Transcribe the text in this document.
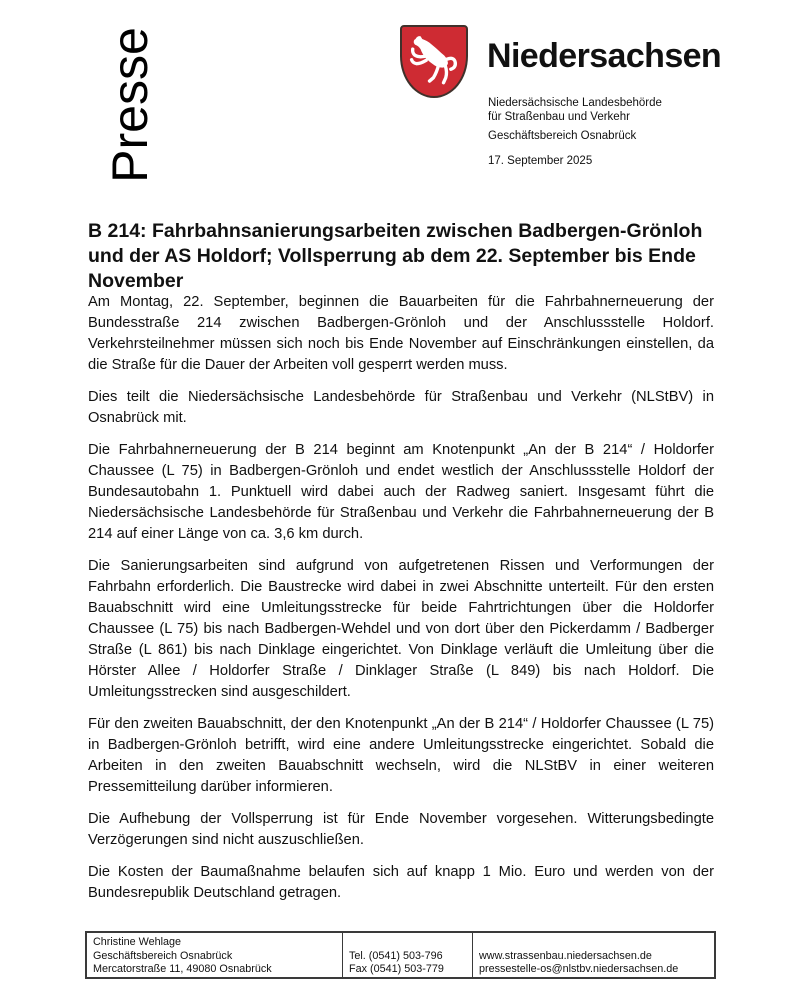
Presse	Niedersachsen
Niedersächsische Landesbehörde
für Straßenbau und Verkehr
Geschäftsbereich Osnabrück
17. September 2025
B 214: Fahrbahnsanierungsarbeiten zwischen Badbergen-Grönloh und der AS Holdorf; Vollsperrung ab dem 22. September bis Ende November

Am Montag, 22. September, beginnen die Bauarbeiten für die Fahrbahnerneuerung der Bundesstraße 214 zwischen Badbergen-Grönloh und der Anschlussstelle Holdorf. Verkehrsteilnehmer müssen sich noch bis Ende November auf Einschränkungen einstellen, da die Straße für die Dauer der Arbeiten voll gesperrt werden muss.

Dies teilt die Niedersächsische Landesbehörde für Straßenbau und Verkehr (NLStBV) in Osnabrück mit.

Die Fahrbahnerneuerung der B 214 beginnt am Knotenpunkt „An der B 214“ / Holdorfer Chaussee (L 75) in Badbergen-Grönloh und endet westlich der Anschlussstelle Holdorf der Bundesautobahn 1. Punktuell wird dabei auch der Radweg saniert. Insgesamt führt die Niedersächsische Landesbehörde für Straßenbau und Verkehr die Fahrbahnerneuerung der B 214 auf einer Länge von ca. 3,6 km durch.

Die Sanierungsarbeiten sind aufgrund von aufgetretenen Rissen und Verformungen der Fahrbahn erforderlich. Die Baustrecke wird dabei in zwei Abschnitte unterteilt. Für den ersten Bauabschnitt wird eine Umleitungsstrecke für beide Fahrtrichtungen über die Holdorfer Chaussee (L 75) bis nach Badbergen-Wehdel und von dort über den Pickerdamm / Badberger Straße (L 861) bis nach Dinklage eingerichtet. Von Dinklage verläuft die Umleitung über die Hörster Allee / Holdorfer Straße / Dinklager Straße (L 849) bis nach Holdorf. Die Umleitungsstrecken sind ausgeschildert.

Für den zweiten Bauabschnitt, der den Knotenpunkt „An der B 214“ / Holdorfer Chaussee (L 75) in Badbergen-Grönloh betrifft, wird eine andere Umleitungsstrecke eingerichtet. Sobald die Arbeiten in den zweiten Bauabschnitt wechseln, wird die NLStBV in einer weiteren Pressemitteilung darüber informieren.

Die Aufhebung der Vollsperrung ist für Ende November vorgesehen. Witterungsbedingte Verzögerungen sind nicht auszuschließen.

Die Kosten der Baumaßnahme belaufen sich auf knapp 1 Mio. Euro und werden von der Bundesrepublik Deutschland getragen.

Christine Wehlage
Geschäftsbereich Osnabrück
Mercatorstraße 11, 49080 Osnabrück
Tel. (0541) 503-796
Fax (0541) 503-779
www.strassenbau.niedersachsen.de
pressestelle-os@nlstbv.niedersachsen.de
